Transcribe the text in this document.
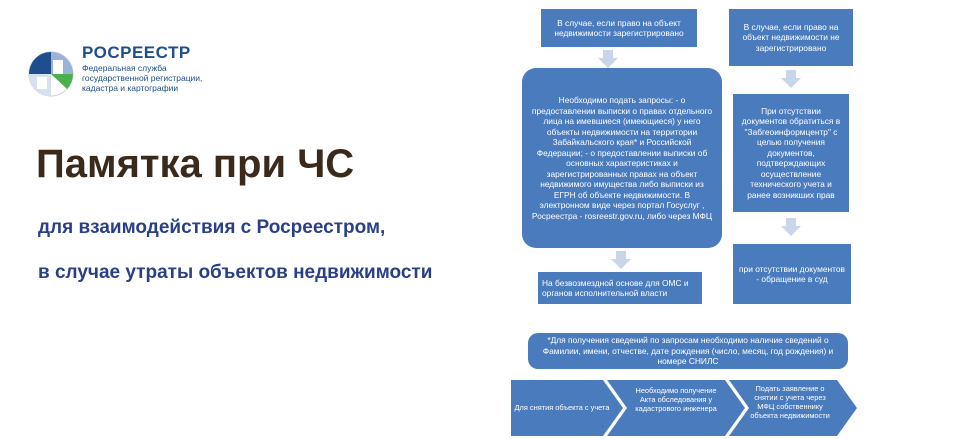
РОСРЕЕСТР
Федеральная служба государственной регистрации, кадастра и картографии
Памятка при ЧС
для взаимодействия с Росреестром,
в случае утраты объектов недвижимости
В случае, если право на объект недвижимости зарегистрировано
В случае, если право на объект недвижимости не зарегистрировано
Необходимо подать запросы: - о предоставлении выписки о правах отдельного лица на имевшиеся (имеющиеся) у него объекты недвижимости на территории Забайкальского края* и Российской Федерации; - о предоставлении выписки об основных характеристиках и зарегистрированных правах на объект недвижимого имущества либо выписки из ЕГРН об объекте недвижимости. В электронном виде через портал Госуслуг , Росреестра - rosreestr.gov.ru, либо через МФЦ
При отсутствии документов обратиться в "Забгеоинформцентр" с целью получения документов, подтверждающих осуществление технического учета и ранее возникших прав
На безвозмездной основе для ОМС и органов исполнительной власти
при отсутствии документов - обращение в суд
*Для получения сведений по запросам необходимо наличие сведений о Фамилии, имени, отчестве, дате рождения (число, месяц, год рождения) и номере СНИЛС
Для снятия объекта с учета
Необходимо получение Акта обследования у кадастрового инженера
Подать заявление о снятии с учета через МФЦ собственнику объекта недвижимости
